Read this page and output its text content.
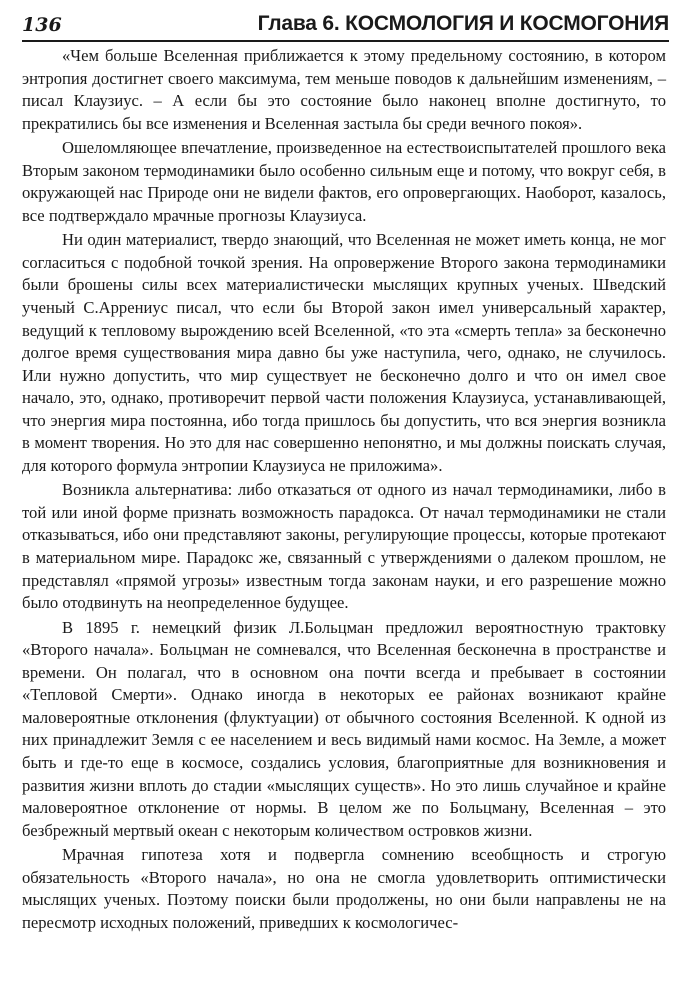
136	Глава 6. КОСМОЛОГИЯ И КОСМОГОНИЯ

«Чем больше Вселенная приближается к этому предельному состоянию, в котором энтропия достигнет своего максимума, тем меньше поводов к дальнейшим изменениям, – писал Клаузиус. – А если бы это состояние было наконец вполне достигнуто, то прекратились бы все изменения и Вселенная застыла бы среди вечного покоя».

Ошеломляющее впечатление, произведенное на естествоиспытателей прошлого века Вторым законом термодинамики было особенно сильным еще и потому, что вокруг себя, в окружающей нас Природе они не видели фактов, его опровергающих. Наоборот, казалось, все подтверждало мрачные прогнозы Клаузиуса.

Ни один материалист, твердо знающий, что Вселенная не может иметь конца, не мог согласиться с подобной точкой зрения. На опровержение Второго закона термодинамики были брошены силы всех материалистически мыслящих крупных ученых. Шведский ученый С.Аррениус писал, что если бы Второй закон имел универсальный характер, ведущий к тепловому вырождению всей Вселенной, «то эта «смерть тепла» за бесконечно долгое время существования мира давно бы уже наступила, чего, однако, не случилось. Или нужно допустить, что мир существует не бесконечно долго и что он имел свое начало, это, однако, противоречит первой части положения Клаузиуса, устанавливающей, что энергия мира постоянна, ибо тогда пришлось бы допустить, что вся энергия возникла в момент творения. Но это для нас совершенно непонятно, и мы должны поискать случая, для которого формула энтропии Клаузиуса не приложима».

Возникла альтернатива: либо отказаться от одного из начал термодинамики, либо в той или иной форме признать возможность парадокса. От начал термодинамики не стали отказываться, ибо они представляют законы, регулирующие процессы, которые протекают в материальном мире. Парадокс же, связанный с утверждениями о далеком прошлом, не представлял «прямой угрозы» известным тогда законам науки, и его разрешение можно было отодвинуть на неопределенное будущее.

В 1895 г. немецкий физик Л.Больцман предложил вероятностную трактовку «Второго начала». Больцман не сомневался, что Вселенная бесконечна в пространстве и времени. Он полагал, что в основном она почти всегда и пребывает в состоянии «Тепловой Смерти». Однако иногда в некоторых ее районах возникают крайне маловероятные отклонения (флуктуации) от обычного состояния Вселенной. К одной из них принадлежит Земля с ее населением и весь видимый нами космос. На Земле, а может быть и где-то еще в космосе, создались условия, благоприятные для возникновения и развития жизни вплоть до стадии «мыслящих существ». Но это лишь случайное и крайне маловероятное отклонение от нормы. В целом же по Больцману, Вселенная – это безбрежный мертвый океан с некоторым количеством островков жизни.

Мрачная гипотеза хотя и подвергла сомнению всеобщность и строгую обязательность «Второго начала», но она не смогла удовлетворить оптимистически мыслящих ученых. Поэтому поиски были продолжены, но они были направлены не на пересмотр исходных положений, приведших к космологичес-
